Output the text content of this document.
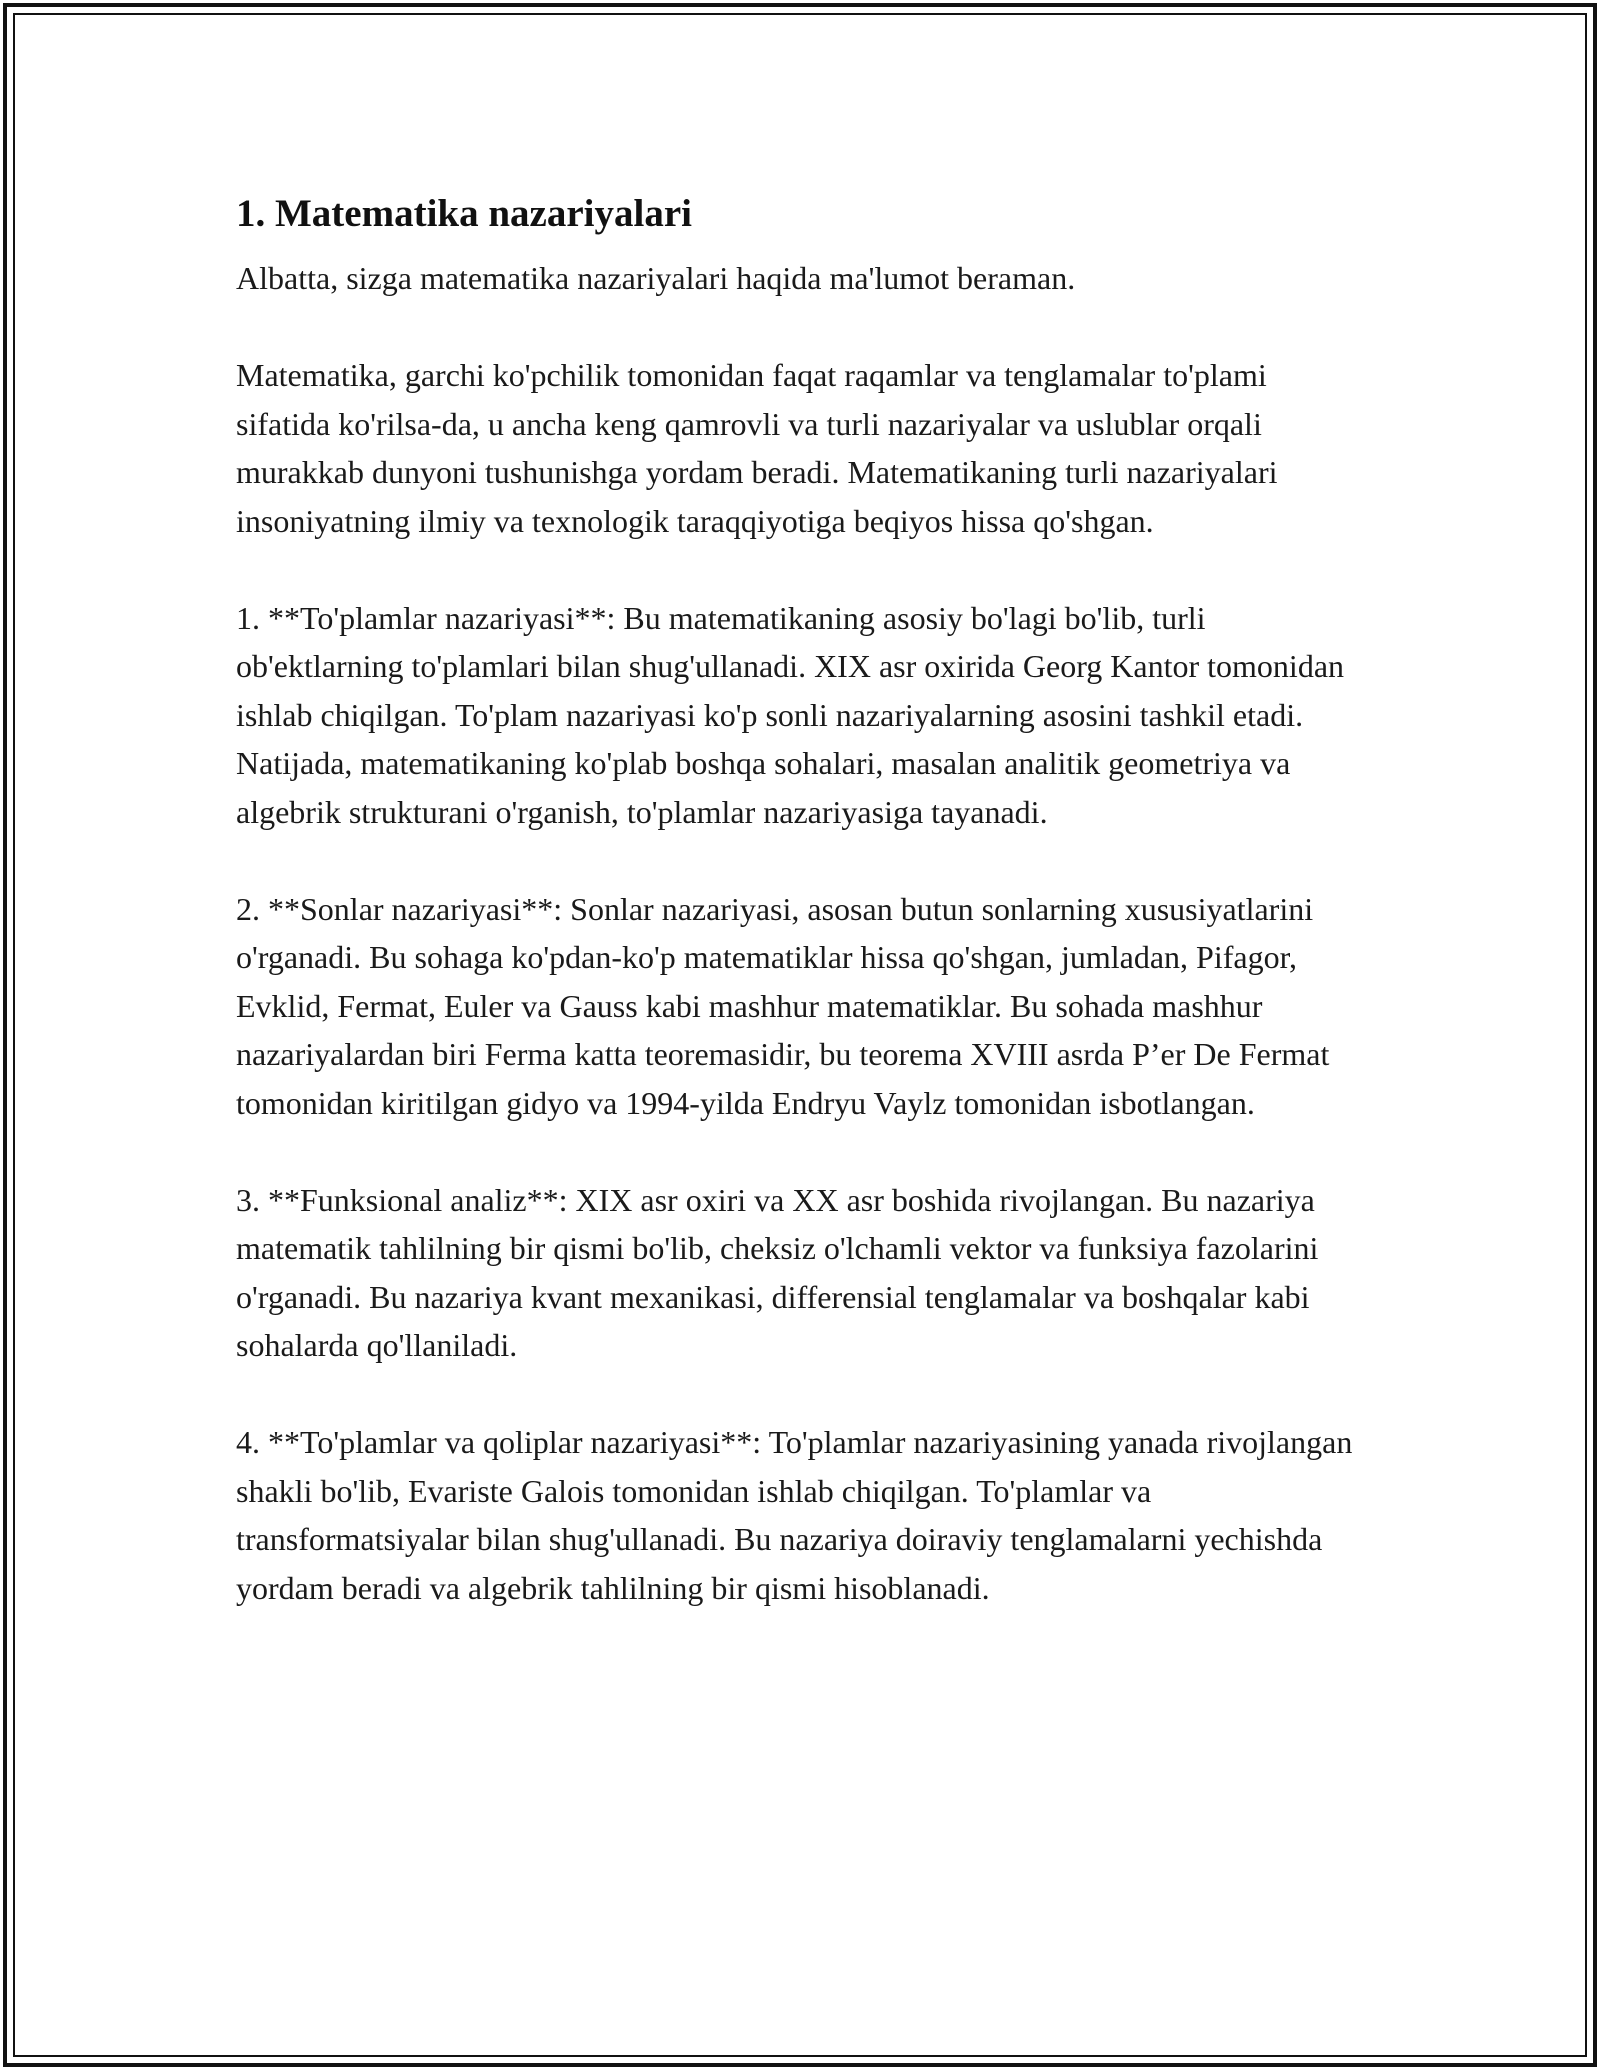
1. Matematika nazariyalari

Albatta, sizga matematika nazariyalari haqida ma'lumot beraman.

Matematika, garchi ko'pchilik tomonidan faqat raqamlar va tenglamalar to'plami sifatida ko'rilsa-da, u ancha keng qamrovli va turli nazariyalar va uslublar orqali murakkab dunyoni tushunishga yordam beradi. Matematikaning turli nazariyalari insoniyatning ilmiy va texnologik taraqqiyotiga beqiyos hissa qo'shgan.

1. **To'plamlar nazariyasi**: Bu matematikaning asosiy bo'lagi bo'lib, turli ob'ektlarning to'plamlari bilan shug'ullanadi. XIX asr oxirida Georg Kantor tomonidan ishlab chiqilgan. To'plam nazariyasi ko'p sonli nazariyalarning asosini tashkil etadi. Natijada, matematikaning ko'plab boshqa sohalari, masalan analitik geometriya va algebrik strukturani o'rganish, to'plamlar nazariyasiga tayanadi.

2. **Sonlar nazariyasi**: Sonlar nazariyasi, asosan butun sonlarning xususiyatlarini o'rganadi. Bu sohaga ko'pdan-ko'p matematiklar hissa qo'shgan, jumladan, Pifagor, Evklid, Fermat, Euler va Gauss kabi mashhur matematiklar. Bu sohada mashhur nazariyalardan biri Ferma katta teoremasidir, bu teorema XVIII asrda P’er De Fermat tomonidan kiritilgan gidyo va 1994-yilda Endryu Vaylz tomonidan isbotlangan.

3. **Funksional analiz**: XIX asr oxiri va XX asr boshida rivojlangan. Bu nazariya matematik tahlilning bir qismi bo'lib, cheksiz o'lchamli vektor va funksiya fazolarini o'rganadi. Bu nazariya kvant mexanikasi, differensial tenglamalar va boshqalar kabi sohalarda qo'llaniladi.

4. **To'plamlar va qoliplar nazariyasi**: To'plamlar nazariyasining yanada rivojlangan shakli bo'lib, Evariste Galois tomonidan ishlab chiqilgan. To'plamlar va transformatsiyalar bilan shug'ullanadi. Bu nazariya doiraviy tenglamalarni yechishda yordam beradi va algebrik tahlilning bir qismi hisoblanadi.
